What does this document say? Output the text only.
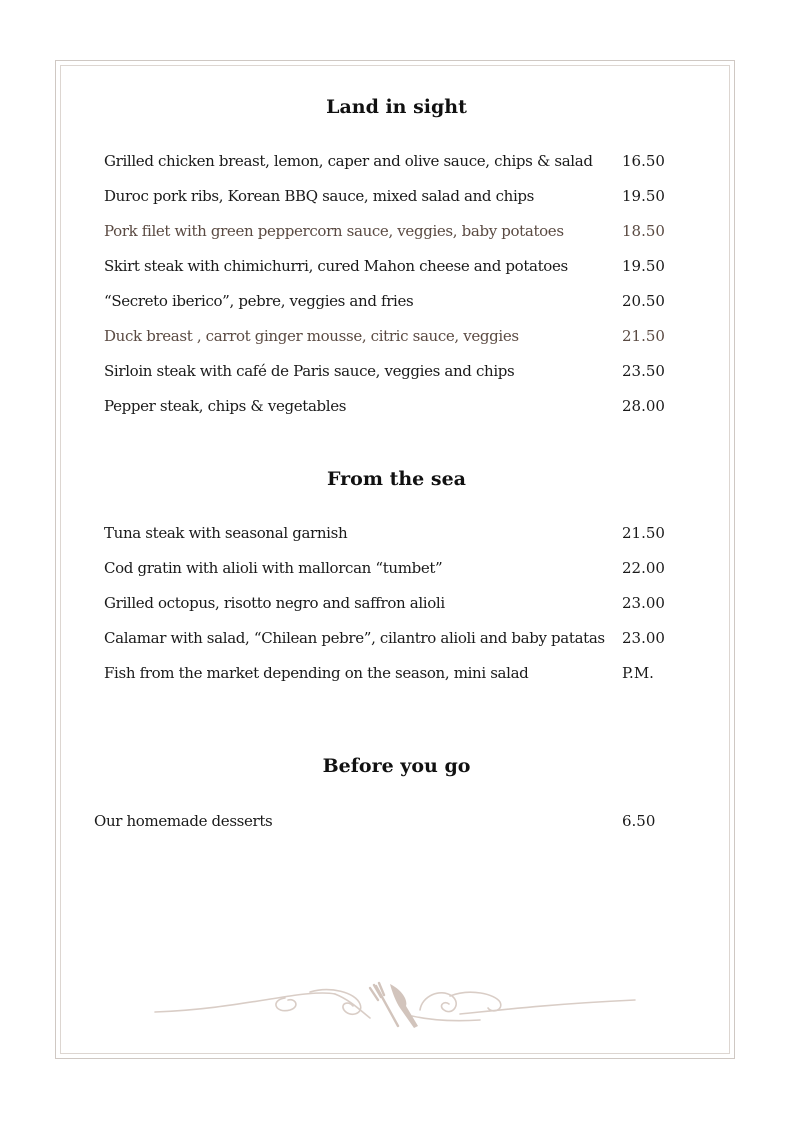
Land in sight
Grilled chicken breast, lemon, caper and olive sauce, chips & salad 16.50
Duroc pork ribs, Korean BBQ sauce, mixed salad and chips	19.50
Pork filet with green peppercorn sauce, veggies, baby potatoes	18.50
Skirt steak with chimichurri, cured Mahon cheese and potatoes	19.50
“Secreto iberico”, pebre, veggies and fries	20.50
Duck breast , carrot ginger mousse, citric sauce, veggies	21.50
Sirloin steak with café de Paris sauce, veggies and chips	23.50
Pepper steak, chips & vegetables	28.00
From the sea
Tuna steak with seasonal garnish	21.50
Cod gratin with alioli with mallorcan “tumbet”	22.00
Grilled octopus, risotto negro and saffron alioli	23.00
Calamar with salad, “Chilean pebre”, cilantro alioli and baby patatas 23.00
Fish from the market depending on the season, mini salad	P.M.
Before you go
Our homemade desserts	6.50
